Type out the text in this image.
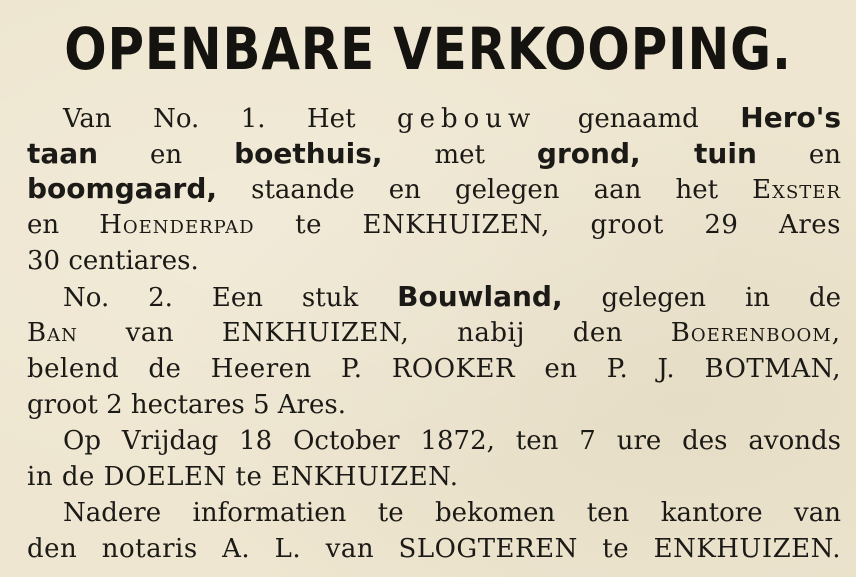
OPENBARE VERKOOPING.
Van No. 1. Het gebouw genaamd Hero's
taan en boethuis, met grond, tuin en
boomgaard, staande en gelegen aan het Exster
en Hoenderpad te ENKHUIZEN, groot 29 Ares
30 centiares.
No. 2. Een stuk Bouwland, gelegen in de
Ban van ENKHUIZEN, nabij den Boerenboom,
belend de Heeren P. ROOKER en P. J. BOTMAN,
groot 2 hectares 5 Ares.
Op Vrijdag 18 October 1872, ten 7 ure des avonds
in de DOELEN te ENKHUIZEN.
Nadere informatien te bekomen ten kantore van
den notaris A. L. van SLOGTEREN te ENKHUIZEN.
